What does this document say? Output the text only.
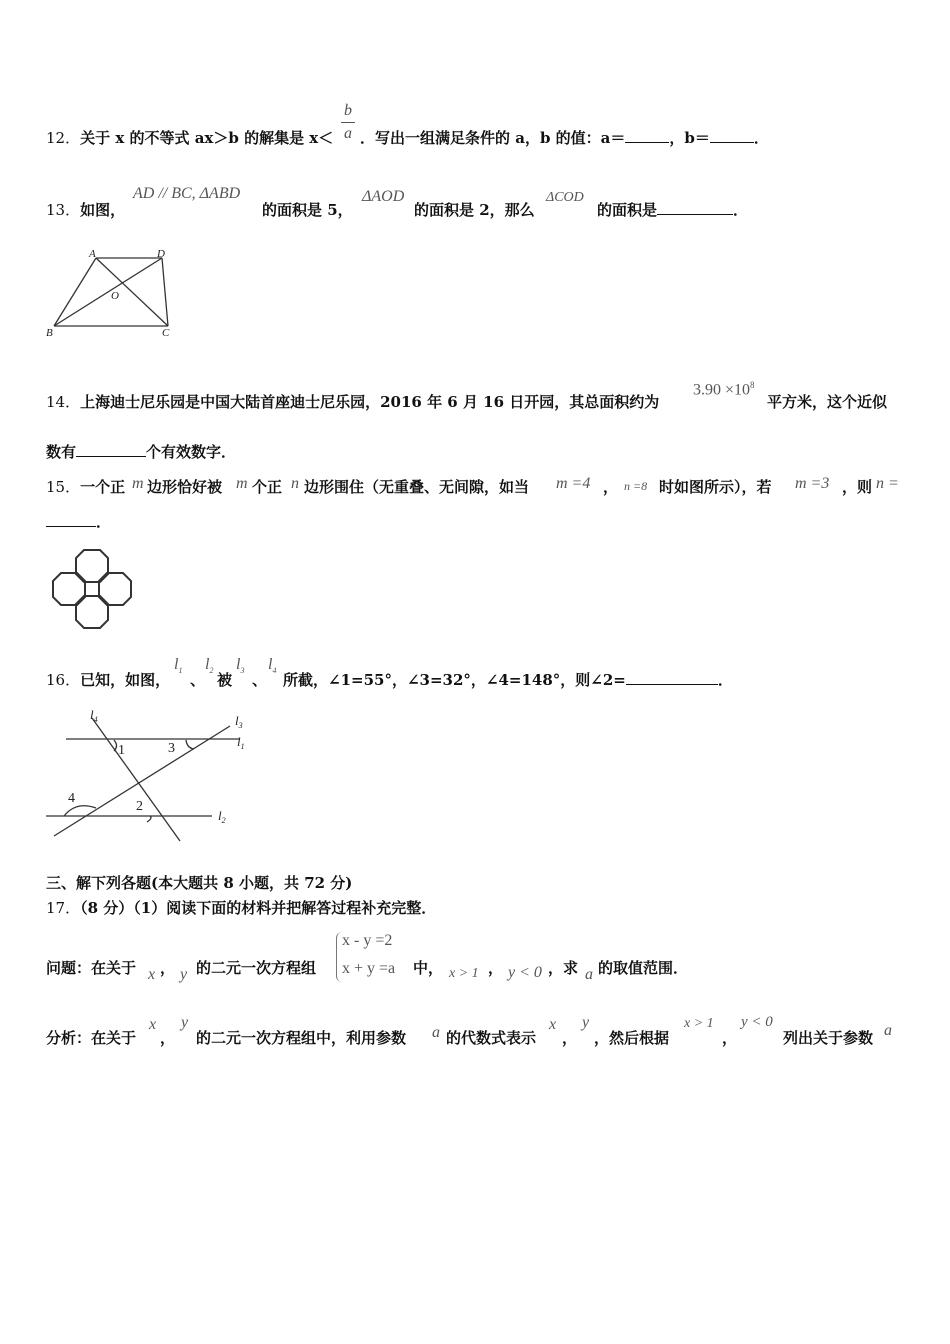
12．关于 x 的不等式 ax＞b 的解集是 x＜
b
a ．写出一组满足条件的 a，b 的值：a＝	，b＝	．
13．如图，
AD // BC, ΔABD
的面积是 5，
ΔAOD
的面积是 2，那么
ΔCOD
的面积是	．
A	D
O
B	C
14．上海迪士尼乐园是中国大陆首座迪士尼乐园，2016 年 6 月 16 日开园，其总面积约为
$3.90 \times 10^8$
平方米，这个近似
数有	个有效数字．
15．一个正 m 边形恰好被 m 个正 n 边形围住（无重叠、无间隙，如当 m =4 ， n =8 时如图所示），若 m =3 ，则 n =
．
16．已知，如图，
$l_1$
、
$l_2$
被
$l_3$
、
$l_4$
所截，∠1=55°，∠3=32°，∠4=148°，则∠2=	．
$l_4$	$l_3$
$l_1$
$l_2$
1	3
4
2
三、解下列各题(本大题共 8 小题，共 72 分)
17．（8 分）（1）阅读下面的材料并把解答过程补充完整．
问题：在关于 x ， y 的二元一次方程组
x - y =2
x + y =a 中， x > 1 ， y < 0 ，求 a 的取值范围．
分析：在关于
x
，
y
的二元一次方程组中，利用参数 a 的代数式表示
x
，
y
，然后根据
x > 1
，
y < 0
列出关于参数 a
